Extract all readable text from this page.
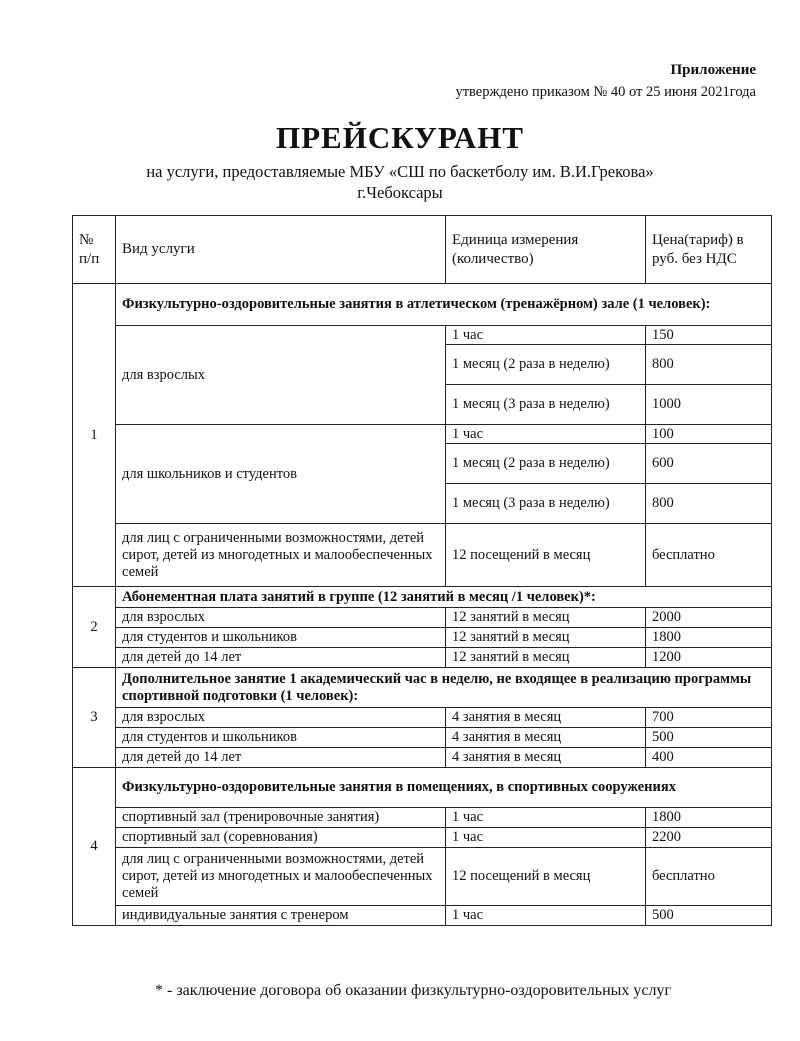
Приложение
утверждено приказом № 40 от 25 июня 2021года
ПРЕЙСКУРАНТ
на услуги, предоставляемые МБУ «СШ по баскетболу им. В.И.Грекова»
г.Чебоксары
№ п/п	Вид услуги	Единица измерения (количество)	Цена(тариф) в руб. без НДС
1	Физкультурно-оздоровительные занятия в атлетическом (тренажёрном) зале (1 человек):		
	для взрослых	1 час	150
		1 месяц (2 раза в неделю)	800
		1 месяц (3 раза в неделю)	1000
	для школьников и студентов	1 час	100
		1 месяц (2 раза в неделю)	600
		1 месяц (3 раза в неделю)	800
	для лиц с ограниченными возможностями, детей сирот, детей из многодетных и малообеспеченных семей	12 посещений в месяц	бесплатно
2	Абонементная плата занятий в группе (12 занятий в месяц /1 человек)*:		
	для взрослых	12 занятий в месяц	2000
	для студентов и школьников	12 занятий в месяц	1800
	для детей до 14 лет	12 занятий в месяц	1200
3	Дополнительное занятие 1 академический час в неделю, не входящее в реализацию программы спортивной подготовки (1 человек):		
	для взрослых	4 занятия в месяц	700
	для студентов и школьников	4 занятия в месяц	500
	для детей до 14 лет	4 занятия в месяц	400
4	Физкультурно-оздоровительные занятия в помещениях, в спортивных сооружениях		
	спортивный зал (тренировочные занятия)	1 час	1800
	спортивный зал (соревнования)	1 час	2200
	для лиц с ограниченными возможностями, детей сирот, детей из многодетных и малообеспеченных семей	12 посещений в месяц	бесплатно
	индивидуальные занятия с тренером	1 час	500
* - заключение договора об оказании физкультурно-оздоровительных услуг
